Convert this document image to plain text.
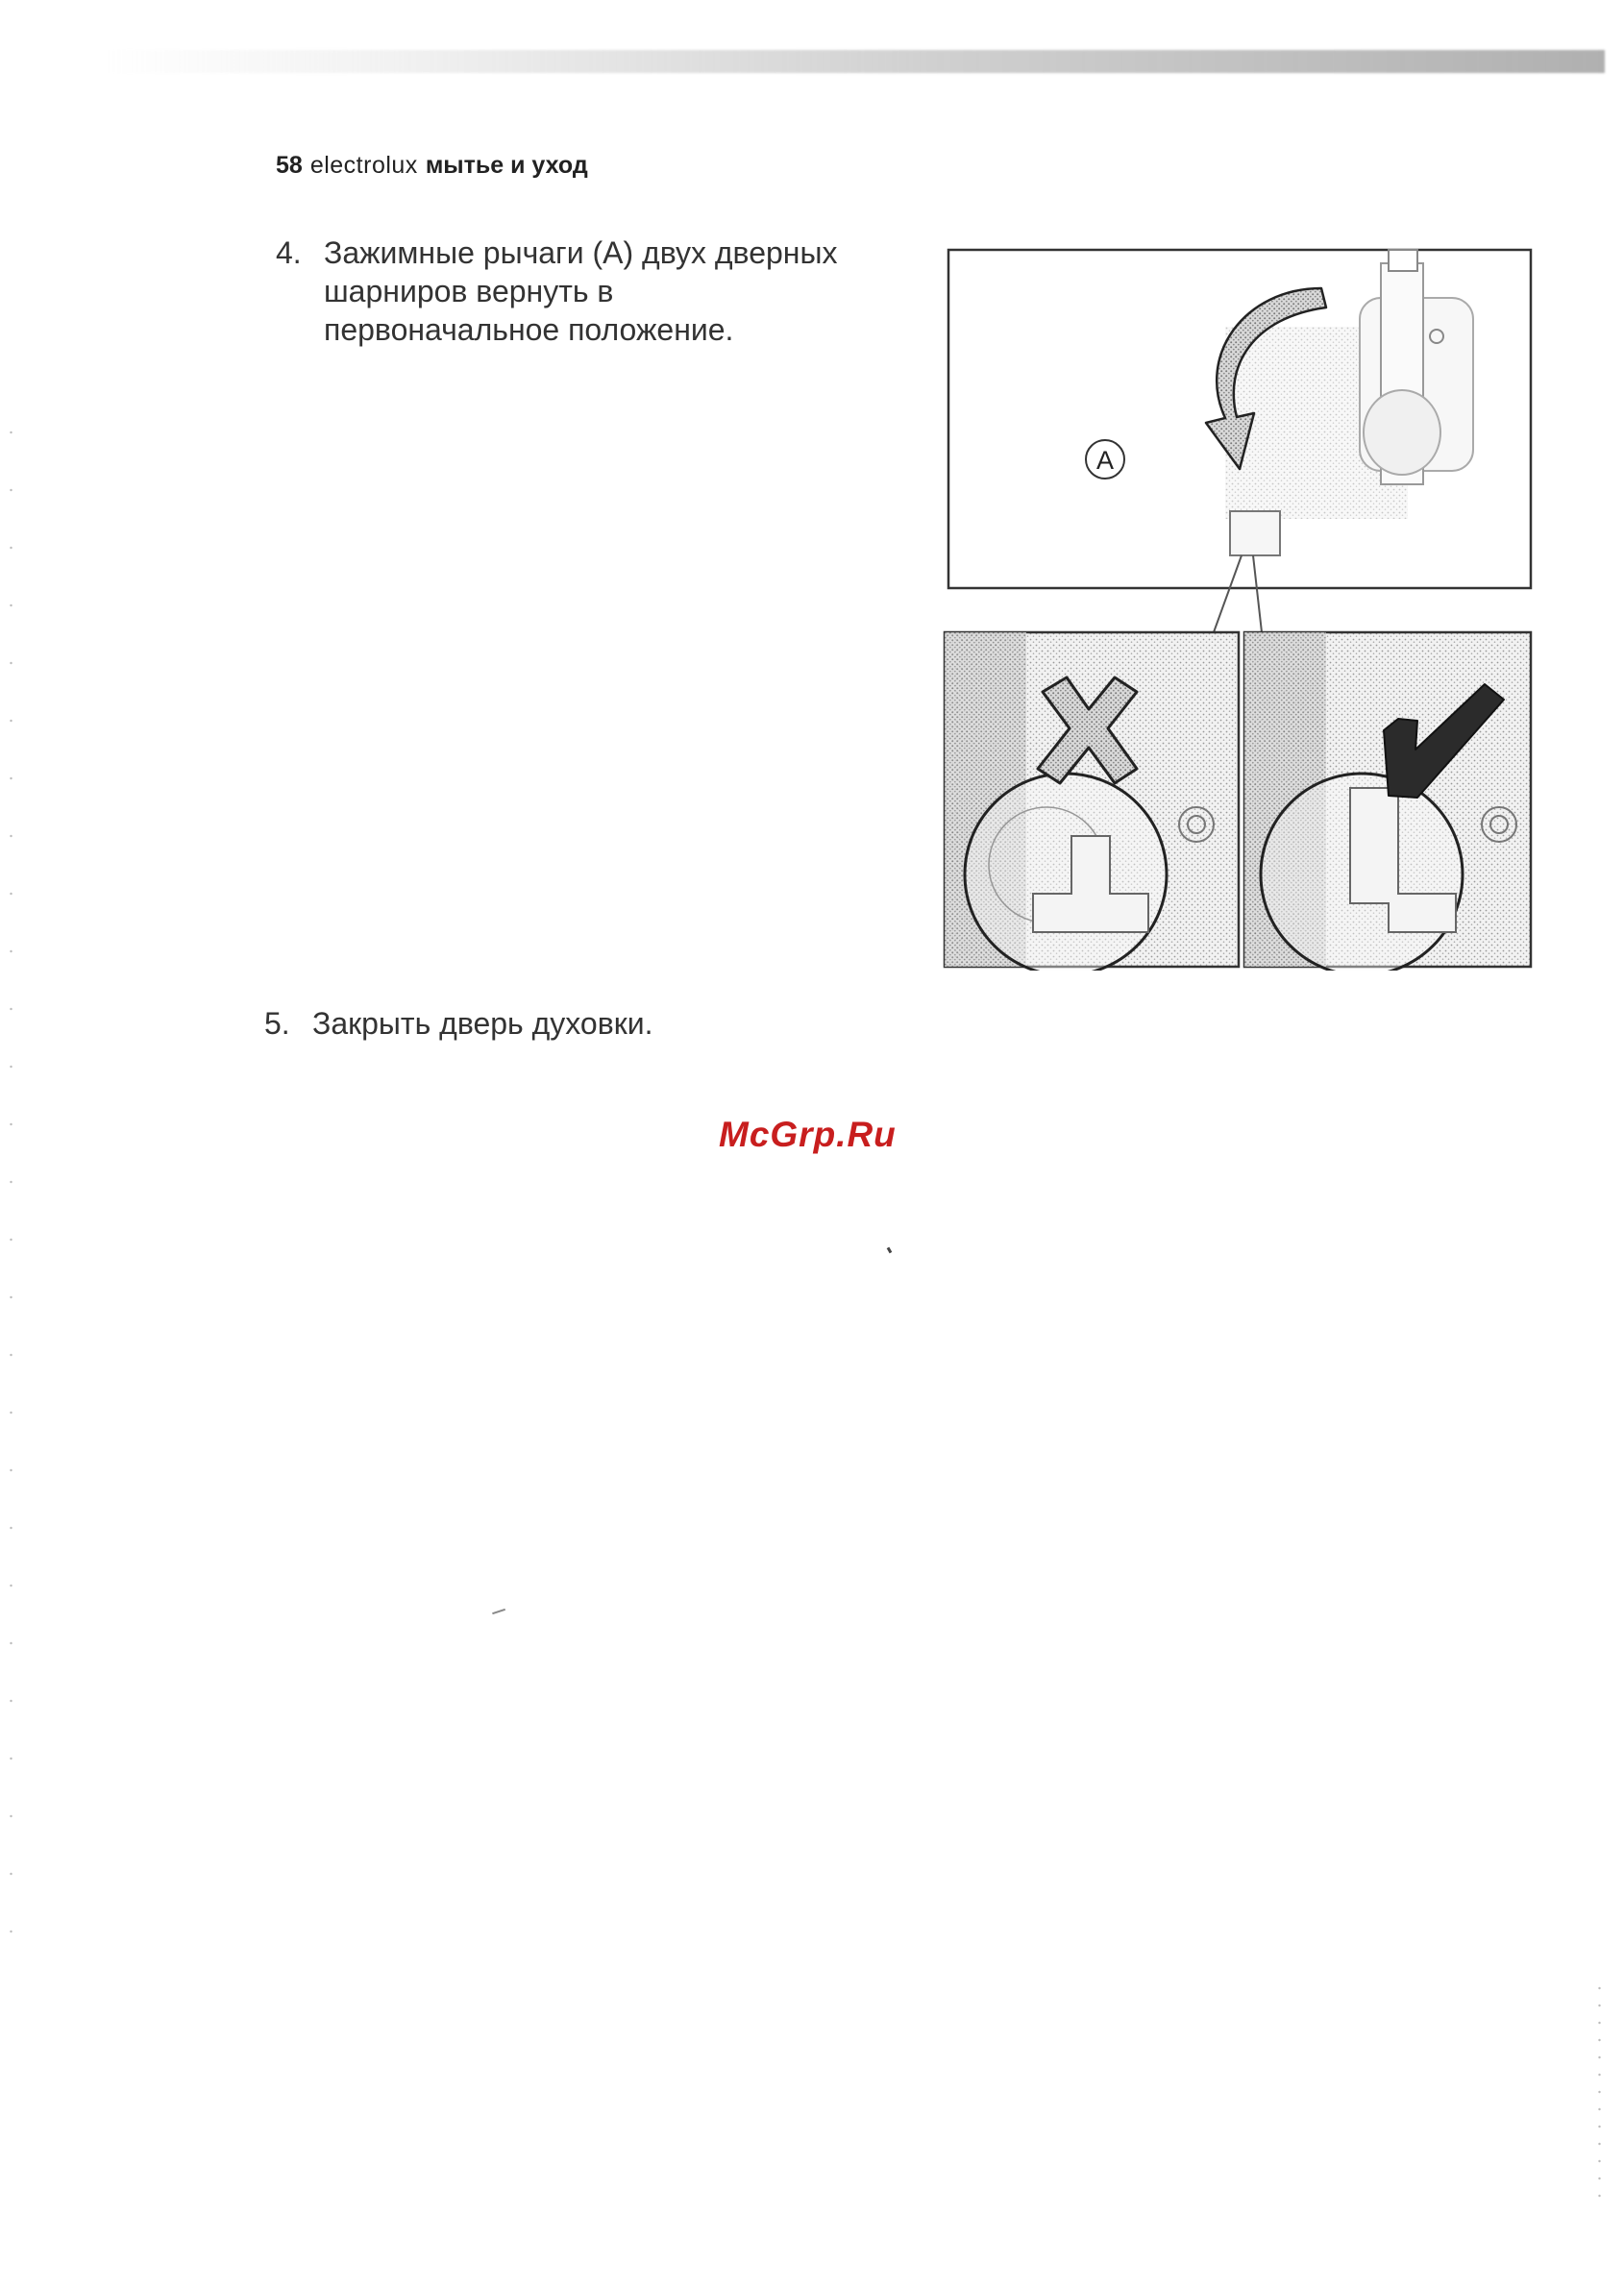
58 electrolux мытье и уход
4. Зажимные рычаги (А) двух дверных
шарниров вернуть в
первоначальное положение.
A
5. Закрыть дверь духовки.
McGrp.Ru
